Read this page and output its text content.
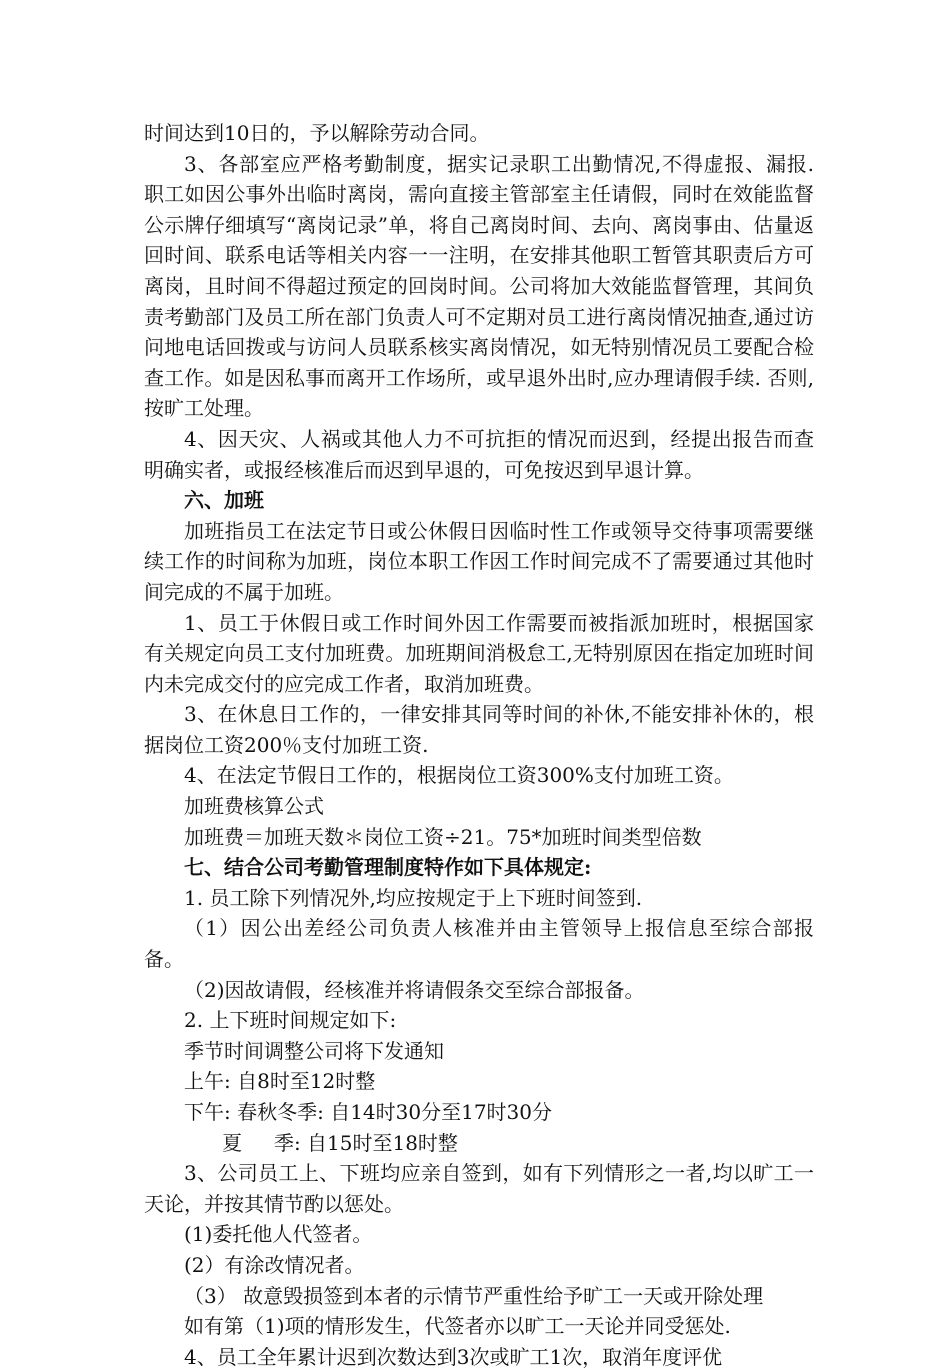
时间达到10日的，予以解除劳动合同。

3、各部室应严格考勤制度，据实记录职工出勤情况,不得虚报、漏报. 职工如因公事外出临时离岗，需向直接主管部室主任请假，同时在效能监督公示牌仔细填写“离岗记录”单，将自己离岗时间、去向、离岗事由、估量返回时间、联系电话等相关内容一一注明，在安排其他职工暂管其职责后方可离岗，且时间不得超过预定的回岗时间。公司将加大效能监督管理，其间负责考勤部门及员工所在部门负责人可不定期对员工进行离岗情况抽查,通过访问地电话回拨或与访问人员联系核实离岗情况，如无特别情况员工要配合检查工作。如是因私事而离开工作场所，或早退外出时,应办理请假手续. 否则,按旷工处理。

4、因天灾、人祸或其他人力不可抗拒的情况而迟到，经提出报告而查明确实者，或报经核准后而迟到早退的，可免按迟到早退计算。

六、加班

加班指员工在法定节日或公休假日因临时性工作或领导交待事项需要继续工作的时间称为加班，岗位本职工作因工作时间完成不了需要通过其他时间完成的不属于加班。

1、员工于休假日或工作时间外因工作需要而被指派加班时，根据国家有关规定向员工支付加班费。加班期间消极怠工,无特别原因在指定加班时间内未完成交付的应完成工作者，取消加班费。

3、在休息日工作的，一律安排其同等时间的补休,不能安排补休的，根据岗位工资200％支付加班工资.

4、在法定节假日工作的，根据岗位工资300%支付加班工资。

加班费核算公式

加班费＝加班天数＊岗位工资÷21。75*加班时间类型倍数

七、结合公司考勤管理制度特作如下具体规定:

1. 员工除下列情况外,均应按规定于上下班时间签到.

（1）因公出差经公司负责人核准并由主管领导上报信息至综合部报备。

（2)因故请假，经核准并将请假条交至综合部报备。

2. 上下班时间规定如下:

季节时间调整公司将下发通知

上午: 自8时至12时整

下午: 春秋冬季: 自14时30分至17时30分

夏     季: 自15时至18时整

3、公司员工上、下班均应亲自签到，如有下列情形之一者,均以旷工一天论，并按其情节酌以惩处。

(1)委托他人代签者。

(2）有涂改情况者。

（3） 故意毁损签到本者的示情节严重性给予旷工一天或开除处理

如有第（1)项的情形发生，代签者亦以旷工一天论并同受惩处.

4、员工全年累计迟到次数达到3次或旷工1次，取消年度评优
